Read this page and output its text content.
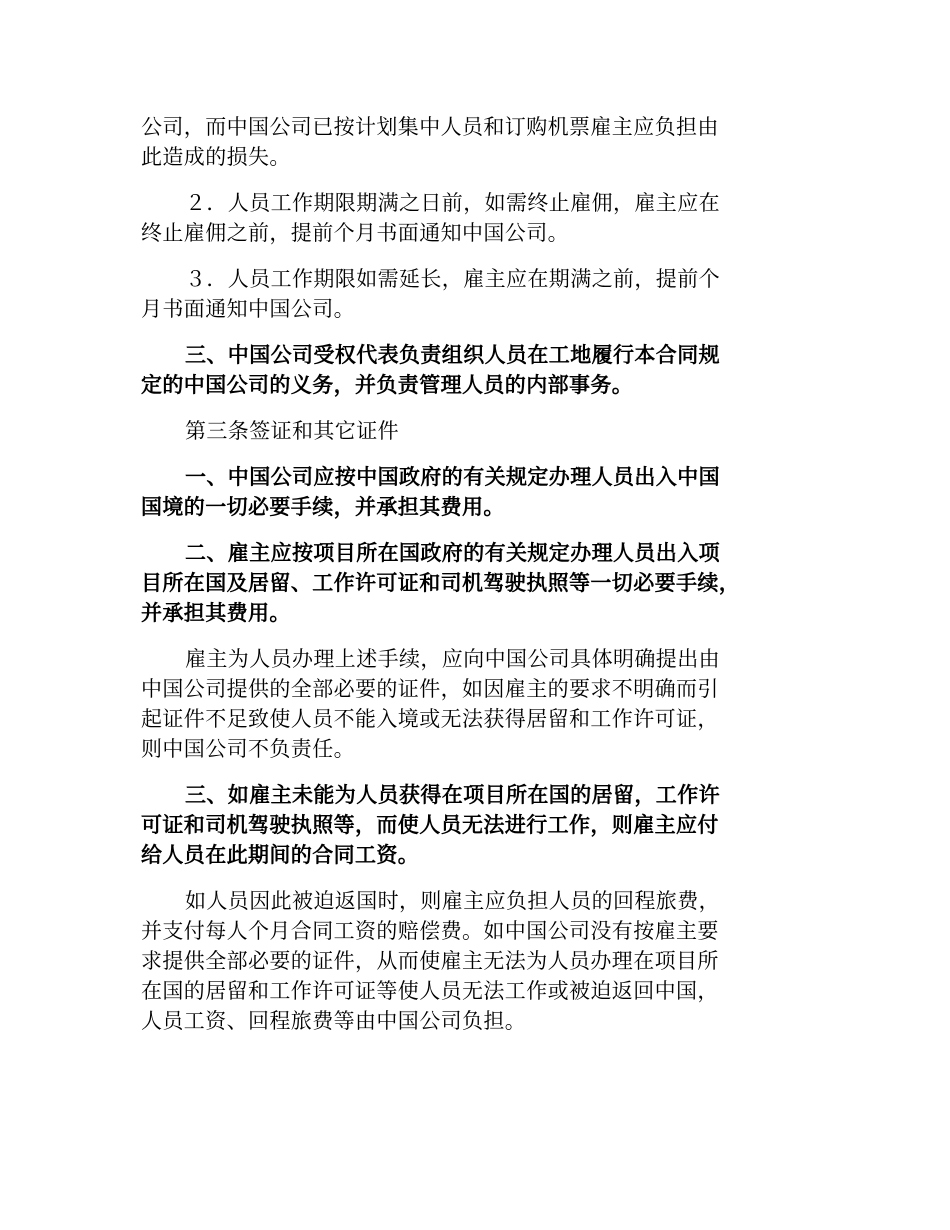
公司，而中国公司已按计划集中人员和订购机票雇主应负担由
此造成的损失。
２．人员工作期限期满之日前，如需终止雇佣，雇主应在
终止雇佣之前，提前个月书面通知中国公司。
３．人员工作期限如需延长，雇主应在期满之前，提前个
月书面通知中国公司。
三、中国公司受权代表负责组织人员在工地履行本合同规
定的中国公司的义务，并负责管理人员的内部事务。
第三条签证和其它证件
一、中国公司应按中国政府的有关规定办理人员出入中国
国境的一切必要手续，并承担其费用。
二、雇主应按项目所在国政府的有关规定办理人员出入项
目所在国及居留、工作许可证和司机驾驶执照等一切必要手续，
并承担其费用。
雇主为人员办理上述手续，应向中国公司具体明确提出由
中国公司提供的全部必要的证件，如因雇主的要求不明确而引
起证件不足致使人员不能入境或无法获得居留和工作许可证，
则中国公司不负责任。
三、如雇主未能为人员获得在项目所在国的居留，工作许
可证和司机驾驶执照等，而使人员无法进行工作，则雇主应付
给人员在此期间的合同工资。
如人员因此被迫返国时，则雇主应负担人员的回程旅费，
并支付每人个月合同工资的赔偿费。如中国公司没有按雇主要
求提供全部必要的证件，从而使雇主无法为人员办理在项目所
在国的居留和工作许可证等使人员无法工作或被迫返回中国，
人员工资、回程旅费等由中国公司负担。
